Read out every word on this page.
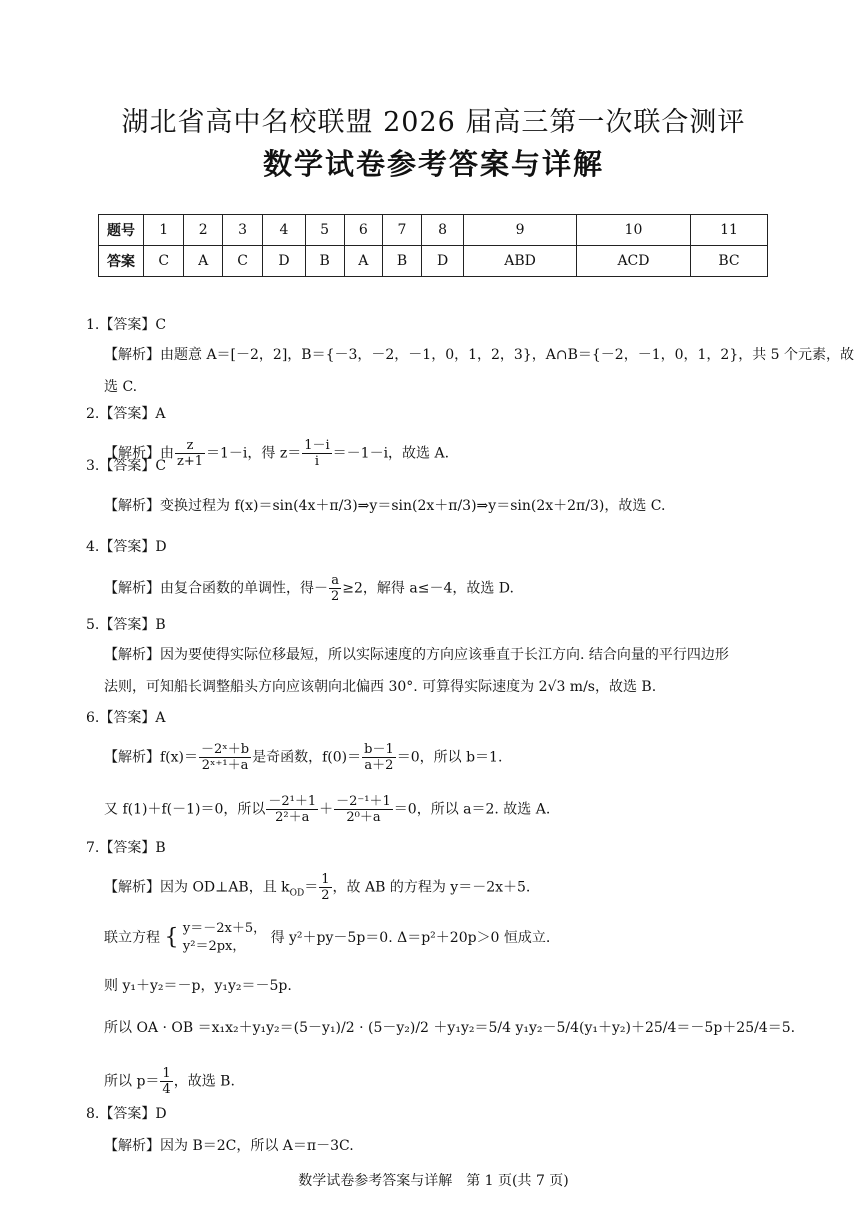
湖北省高中名校联盟 2026 届高三第一次联合测评
数学试卷参考答案与详解
题号	1	2	3	4	5	6	7	8	9	10	11
答案	C	A	C	D	B	A	B	D	ABD	ACD	BC
1.【答案】C
【解析】由题意 A＝[－2，2]，B＝{－3，－2，－1，0，1，2，3}，A∩B＝{－2，－1，0，1，2}，共 5 个元素，故
选 C.
2.【答案】A
【解析】由 $\frac{z}{z+1} =1-i$，得 $z= \frac{1-i}{i} =-1-i$，故选 A.
3.【答案】C
【解析】变换过程为 f(x)＝sin(4x＋π/3)⇒y＝sin(2x＋π/3)⇒y＝sin(2x＋2π/3)，故选 C.
4.【答案】D
【解析】由复合函数的单调性，得－ $\frac{a}{2} \ge 2$，解得 a≤－4，故选 D.
5.【答案】B
【解析】因为要使得实际位移最短，所以实际速度的方向应该垂直于长江方向. 结合向量的平行四边形
法则，可知船长调整船头方向应该朝向北偏西 30°. 可算得实际速度为 2√3 m/s，故选 B.
6.【答案】A
【解析】$f(x)= \frac{\text{－2ˣ＋b}}{\text{2ˣ⁺¹＋a}}$ 是奇函数，$f(0)= \frac{b-1}{a+2} =0$，所以 b＝1.
又 f(1)＋f(－1)＝0，所以 $\frac{\text{－2¹＋1}}{\text{2²＋a}} + \frac{\text{－2⁻¹＋1}}{\text{2⁰＋a}} =0$，所以 a＝2. 故选 A.
7.【答案】B
【解析】因为 OD⊥AB，且 $k_{OD}= \frac{1}{2}$ ，故 AB 的方程为 y＝－2x＋5.
联立方程 { y＝－2x＋5，
y²＝2px，
得 y²＋py－5p＝0. Δ＝p²＋20p＞0 恒成立.
则 y₁＋y₂＝－p，y₁y₂＝－5p.
所以 OA · OB ＝x₁x₂＋y₁y₂＝(5－y₁)/2 · (5－y₂)/2 ＋y₁y₂＝5/4 y₁y₂－5/4(y₁＋y₂)＋25/4＝－5p＋25/4＝5.
所以 $p= \frac{1}{4}$ ，故选 B.
8.【答案】D
【解析】因为 B＝2C，所以 A＝π－3C.
数学试卷参考答案与详解　第 1 页(共 7 页)
